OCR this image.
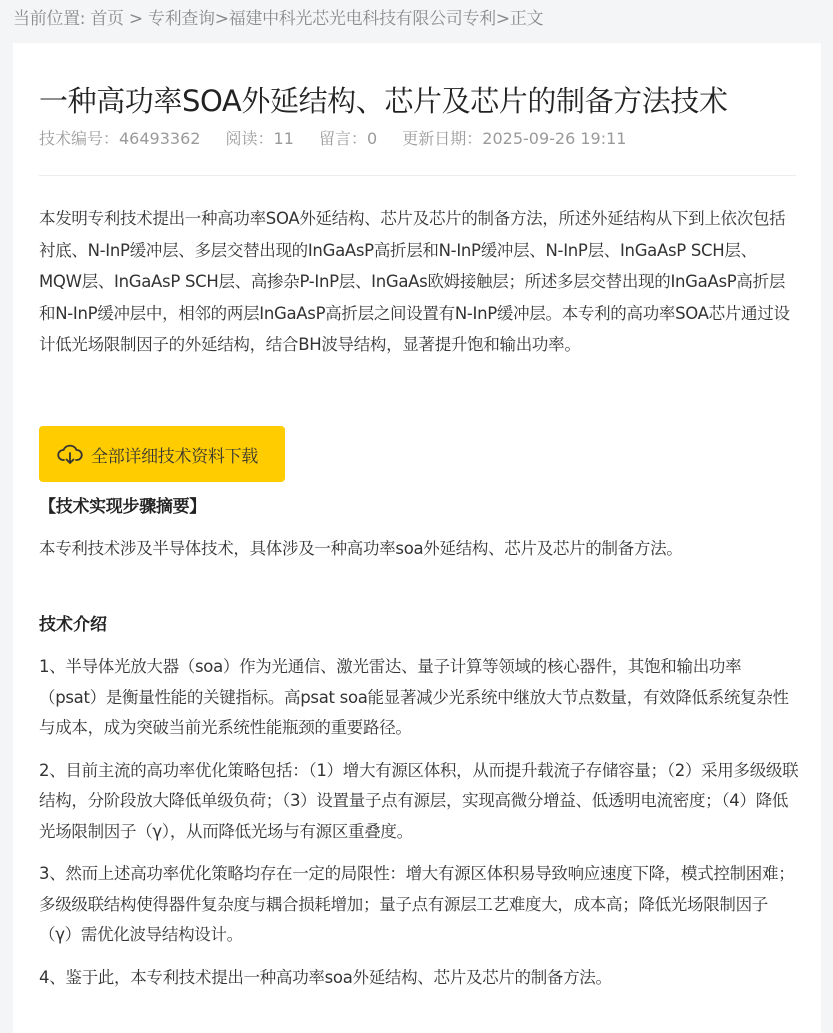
当前位置: 首页 > 专利查询>福建中科光芯光电科技有限公司专利>正文
一种高功率SOA外延结构、芯片及芯片的制备方法技术
技术编号：46493362 阅读：11 留言：0 更新日期：2025-09-26 19:11

本发明专利技术提出一种高功率SOA外延结构、芯片及芯片的制备方法，所述外延结构从下到上依次包括衬底、N-InP缓冲层、多层交替出现的InGaAsP高折层和N-InP缓冲层、N-InP层、InGaAsP SCH层、MQW层、InGaAsP SCH层、高掺杂P-InP层、InGaAs欧姆接触层；所述多层交替出现的InGaAsP高折层和N-InP缓冲层中，相邻的两层InGaAsP高折层之间设置有N-InP缓冲层。本专利的高功率SOA芯片通过设计低光场限制因子的外延结构，结合BH波导结构，显著提升饱和输出功率。

全部详细技术资料下载
【技术实现步骤摘要】

本专利技术涉及半导体技术，具体涉及一种高功率soa外延结构、芯片及芯片的制备方法。

技术介绍

1、半导体光放大器（soa）作为光通信、激光雷达、量子计算等领域的核心器件，其饱和输出功率（psat）是衡量性能的关键指标。高psat soa能显著减少光系统中继放大节点数量，有效降低系统复杂性与成本，成为突破当前光系统性能瓶颈的重要路径。

2、目前主流的高功率优化策略包括：（1）增大有源区体积，从而提升载流子存储容量；（2）采用多级级联结构，分阶段放大降低单级负荷；（3）设置量子点有源层，实现高微分增益、低透明电流密度；（4）降低光场限制因子（γ），从而降低光场与有源区重叠度。

3、然而上述高功率优化策略均存在一定的局限性：增大有源区体积易导致响应速度下降，模式控制困难；多级级联结构使得器件复杂度与耦合损耗增加；量子点有源层工艺难度大，成本高；降低光场限制因子（γ）需优化波导结构设计。

4、鉴于此，本专利技术提出一种高功率soa外延结构、芯片及芯片的制备方法。
